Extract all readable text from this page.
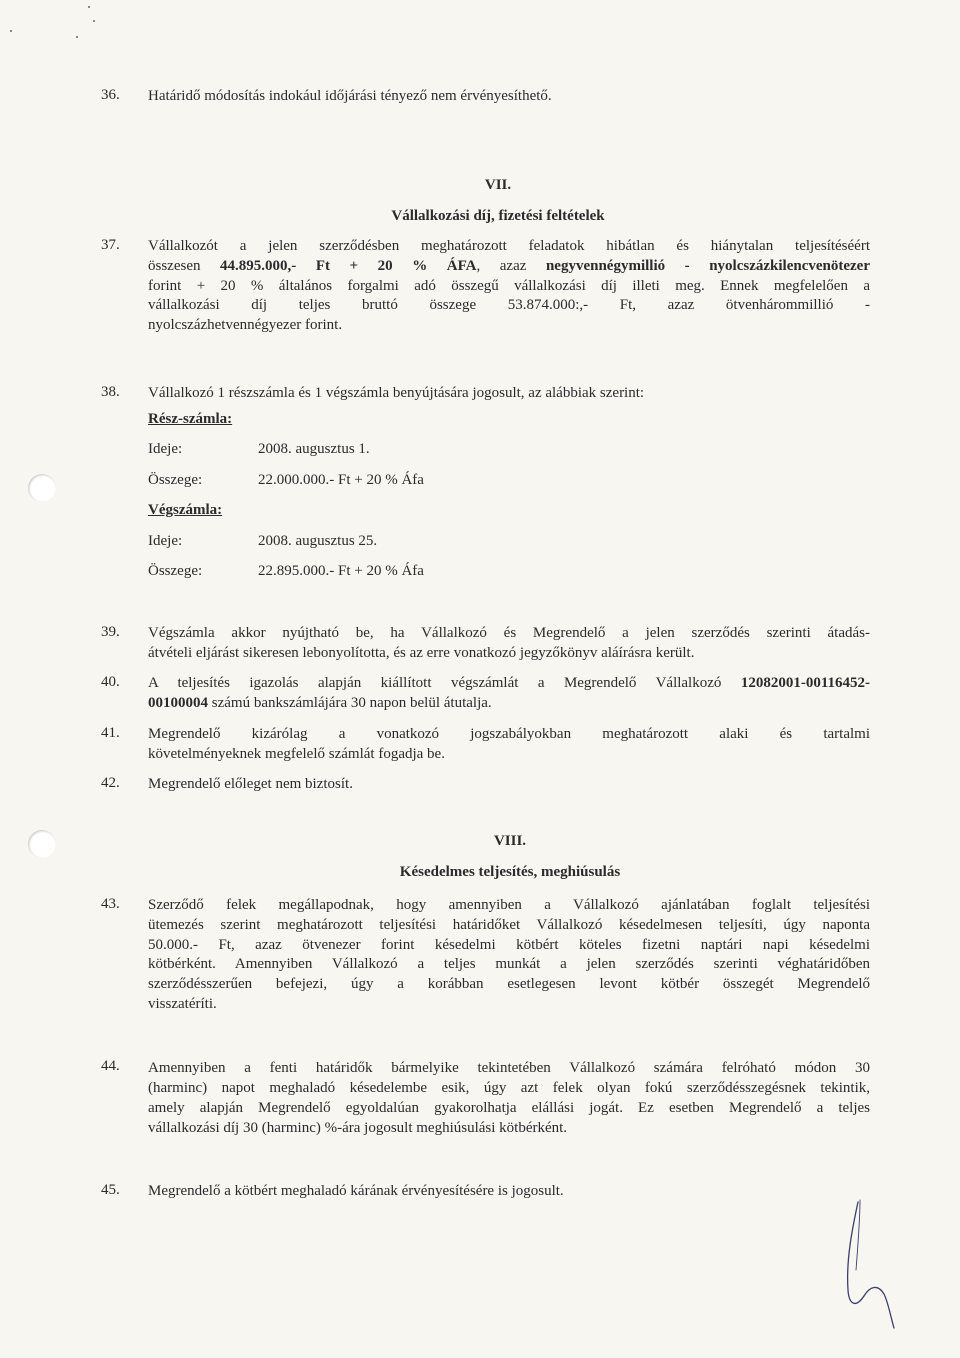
36. Határidő módosítás indokául időjárási tényező nem érvényesíthető.
VII.
Vállalkozási díj, fizetési feltételek
37. Vállalkozót a jelen szerződésben meghatározott feladatok hibátlan és hiánytalan teljesítéséért
összesen 44.895.000,- Ft + 20 % ÁFA, azaz negyvennégymillió - nyolcszázkilencvenötezer
forint + 20 % általános forgalmi adó összegű vállalkozási díj illeti meg. Ennek megfelelően a
vállalkozási díj teljes bruttó összege 53.874.000:,- Ft, azaz ötvenhárommillió -
nyolcszázhetvennégyezer forint.
38. Vállalkozó 1 részszámla és 1 végszámla benyújtására jogosult, az alábbiak szerint:
Rész-számla:
Ideje:	2008. augusztus 1.
Összege:	22.000.000.- Ft + 20 % Áfa
Végszámla:
Ideje:	2008. augusztus 25.
Összege:	22.895.000.- Ft + 20 % Áfa
39. Végszámla akkor nyújtható be, ha Vállalkozó és Megrendelő a jelen szerződés szerinti átadás-
átvételi eljárást sikeresen lebonyolította, és az erre vonatkozó jegyzőkönyv aláírásra került.
40. A teljesítés igazolás alapján kiállított végszámlát a Megrendelő Vállalkozó 12082001-00116452-
00100004 számú bankszámlájára 30 napon belül átutalja.
41. Megrendelő kizárólag a vonatkozó jogszabályokban meghatározott alaki és tartalmi
követelményeknek megfelelő számlát fogadja be.
42. Megrendelő előleget nem biztosít.
VIII.
Késedelmes teljesítés, meghiúsulás
43. Szerződő felek megállapodnak, hogy amennyiben a Vállalkozó ajánlatában foglalt teljesítési
ütemezés szerint meghatározott teljesítési határidőket Vállalkozó késedelmesen teljesíti, úgy naponta
50.000.- Ft, azaz ötvenezer forint késedelmi kötbért köteles fizetni naptári napi késedelmi
kötbérként. Amennyiben Vállalkozó a teljes munkát a jelen szerződés szerinti véghatáridőben
szerződésszerűen befejezi, úgy a korábban esetlegesen levont kötbér összegét Megrendelő
visszatéríti.
44. Amennyiben a fenti határidők bármelyike tekintetében Vállalkozó számára felróható módon 30
(harminc) napot meghaladó késedelembe esik, úgy azt felek olyan fokú szerződésszegésnek tekintik,
amely alapján Megrendelő egyoldalúan gyakorolhatja elállási jogát. Ez esetben Megrendelő a teljes
vállalkozási díj 30 (harminc) %-ára jogosult meghiúsulási kötbérként.
45. Megrendelő a kötbért meghaladó kárának érvényesítésére is jogosult.
